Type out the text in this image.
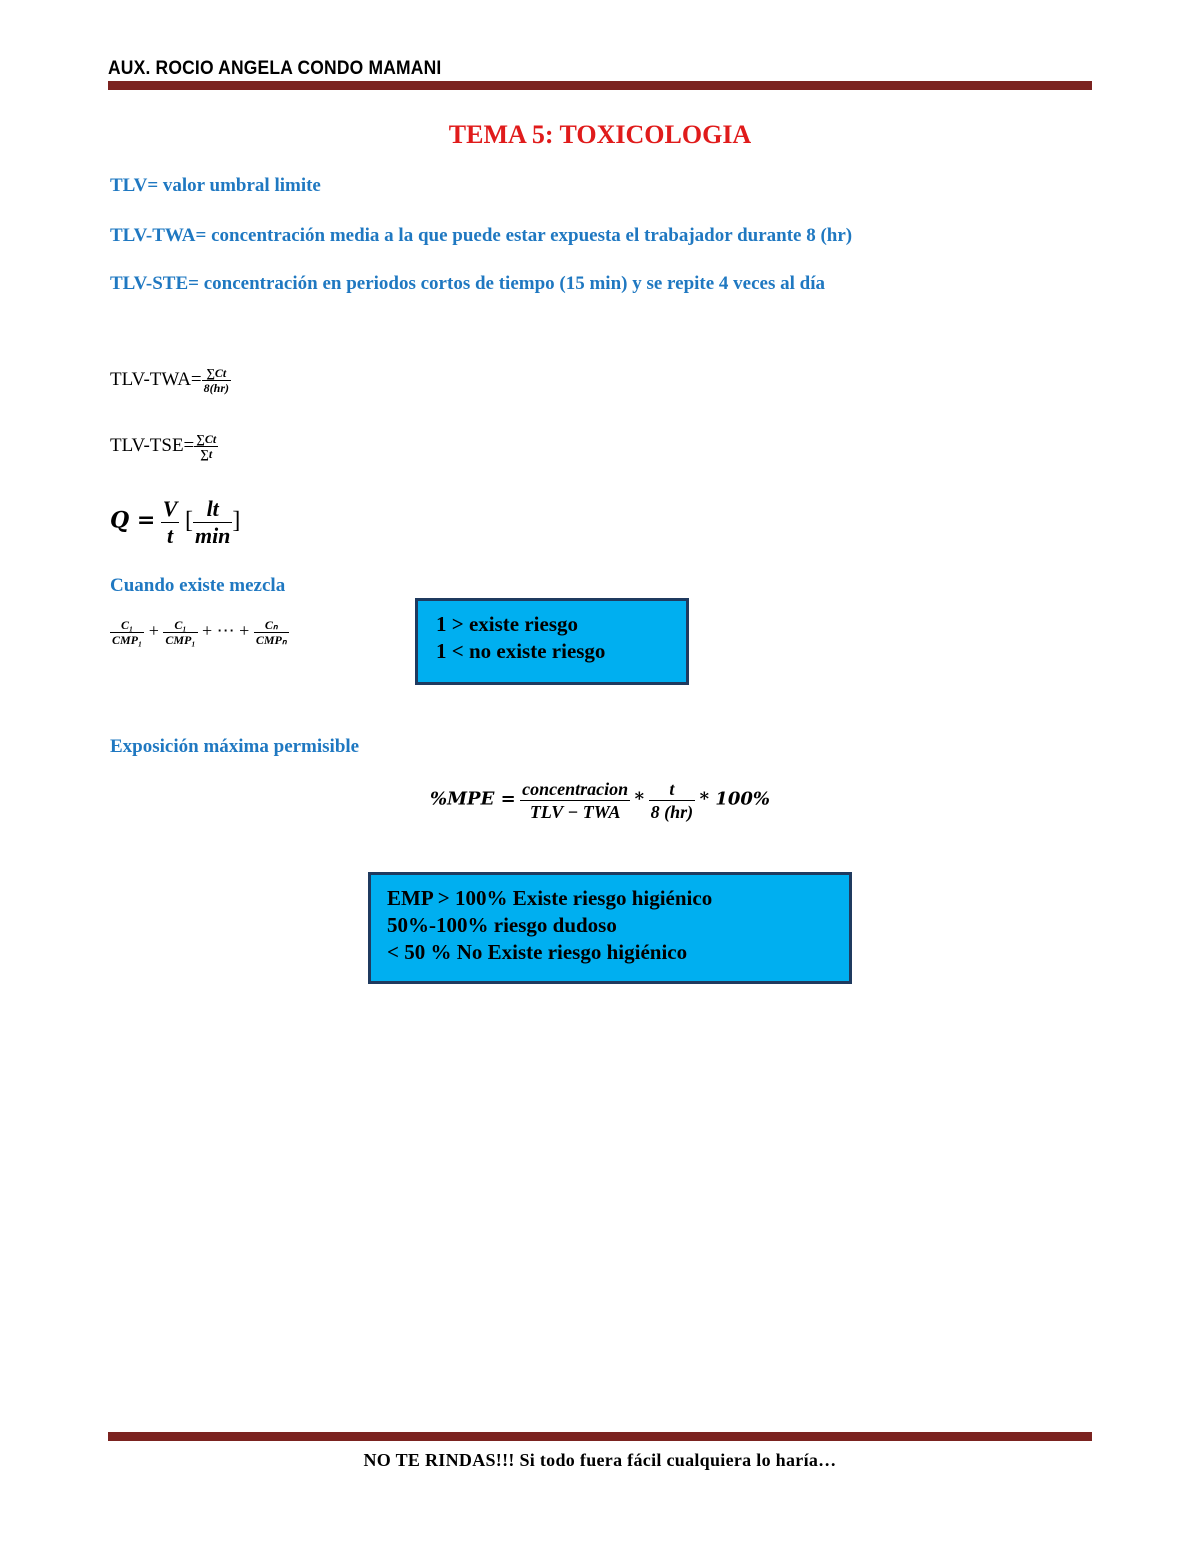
AUX. ROCIO ANGELA CONDO MAMANI
TEMA 5: TOXICOLOGIA
TLV= valor umbral limite
TLV-TWA= concentración media a la que puede estar expuesta el trabajador durante 8 (hr)
TLV-STE= concentración en periodos cortos de tiempo (15 min) y se repite 4 veces al día
$TLV-TWA= \frac{\sum Ct}{8(hr)}$
$TLV-TSE= \frac{\sum Ct}{\sum t}$
$Q = \frac{V}{t}$ [ $\frac{lt}{\min}$ ]
Cuando existe mezcla
$\frac{\text{C₁}}{\text{CMP₁}} + \frac{\text{C₁}}{\text{CMP₁}}$ + ⋯ + $\frac{\text{Cₙ}}{\text{CMPₙ}}$	1 > existe riesgo
1 < no existe riesgo
Exposición máxima permisible
$\%MPE = \frac{\text{concentracion}}{\text{TLV − TWA}} * \frac{t}{8 (hr)} * 100\%$
EMP > 100% Existe riesgo higiénico
50%-100% riesgo dudoso
< 50 % No Existe riesgo higiénico
NO TE RINDAS!!! Si todo fuera fácil cualquiera lo haría…
